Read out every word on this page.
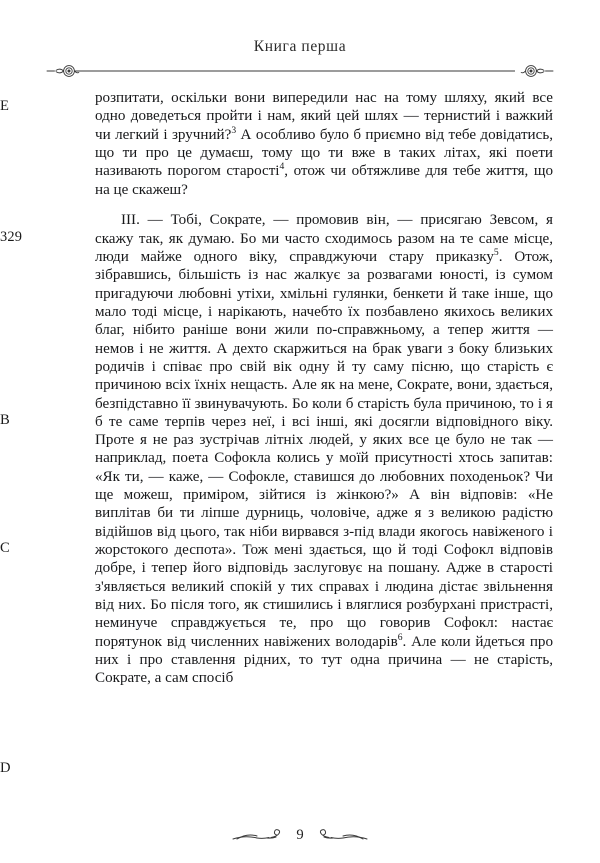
Книга перша
E
329
B
C
D

розпитати, оскільки вони випередили нас на тому шляху, який все одно доведеться пройти і нам, який цей шлях — тернистий і важкий чи легкий і зручний?$^3$ А особливо було б приємно від тебе довідатись, що ти про це думаєш, тому що ти вже в таких літах, які поети називають порогом старості$^4$, отож чи обтяжливе для тебе життя, що на це скажеш?

III. — Тобі, Сократе, — промовив він, — присягаю Зевсом, я скажу так, як думаю. Бо ми часто сходимось разом на те саме місце, люди майже одного віку, справджуючи стару приказку$^5$. Отож, зібравшись, більшість із нас жалкує за розвагами юності, із сумом пригадуючи любовні утіхи, хмільні гулянки, бенкети й таке інше, що мало тоді місце, і нарікають, начебто їх позбавлено якихось великих благ, нібито раніше вони жили по-справжньому, а тепер життя — немов і не життя. А дехто скаржиться на брак уваги з боку близьких родичів і співає про свій вік одну й ту саму пісню, що старість є причиною всіх їхніх нещасть. Але як на мене, Сократе, вони, здається, безпідставно її звинувачують. Бо коли б старість була причиною, то і я б те саме терпів через неї, і всі інші, які досягли відповідного віку. Проте я не раз зустрічав літніх людей, у яких все це було не так — наприклад, поета Софокла колись у моїй присутності хтось запитав: «Як ти, — каже, — Софокле, ставишся до любовних походеньок? Чи ще можеш, приміром, зійтися із жінкою?» А він відповів: «Не виплітав би ти ліпше дурниць, чоловіче, адже я з великою радістю відійшов від цього, так ніби вирвався з-під влади якогось навіженого і жорстокого деспота». Тож мені здається, що й тоді Софокл відповів добре, і тепер його відповідь заслуговує на пошану. Адже в старості з'являється великий спокій у тих справах і людина дістає звільнення від них. Бо після того, як стишились і вляглися розбурхані пристрасті, неминуче справджується те, про що говорив Софокл: настає порятунок від численних навіжених володарів$^6$. Але коли йдеться про них і про ставлення рідних, то тут одна причина — не старість, Сократе, а сам спосіб

9
